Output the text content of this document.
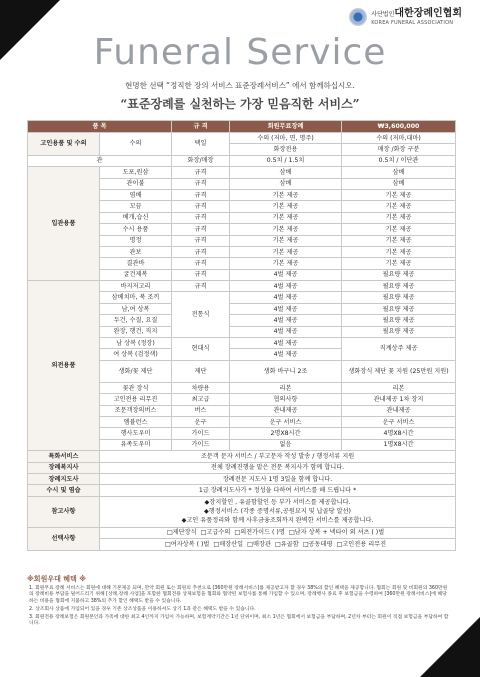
사단법인대한장례인협회
KOREA FUNERAL ASSOCIATION
Funeral Service
현명한 선택 “정직한 장의 서비스 표준장례서비스” 에서 함께하십시오.
“표준장례를 실천하는 가장 믿음직한 서비스”
품 목		규 격	회원무료장례	₩3,600,000
고인용품 및 수의	수의	택일	수의 (저마, 면, 명주)	수의 (저마,대마)
			화장전용	매장 /화장 구분
관		화장/매장	0.5치 / 1.5치	0.5치 / 이단관
입관용품	도포,원삼	규격	삼베	삼베
	관이불	규격	삼베	삼베
	염베	규격	기본 제공	기본 제공
	꼬끔	규격	기본 제공	기본 제공
	베개,습신	규격	기본 제공	기본 제공
	수시 용품	규격	기본 제공	기본 제공
	명정	규격	기본 제공	기본 제공
	관보	규격	기본 제공	기본 제공
	결관바	규격	기본 제공	기본 제공
	굴건제복	규격	4벌 제공	필요량 제공
외전용품	바지저고리	규격	4벌 제공	필요량 제공
	삼베치마, 북 조끼	전통식	4벌 제공	필요량 제공
	남,여 상복		4벌 제공	필요량 제공
	두건, 수질, 요질		4벌 제공	필요량 제공
	완장, 행건, 직지		4벌 제공	필요량 제공
	남 상복 (정장)	현대식	4벌 제공	직계상주 제공
	여 상복 (검정색)		4벌 제공	
	생화/꽃 제단	제단	생화 바구니 2조	생화장식 제단 꽃 지원 (25만원 지원)
	꽃관 장식	차량용	리본	리본
	고인전용 리무진	최고급	협의사항	관내제공 1차 장지
	조문객장의버스	버스	관내제공	관내제공
	엠뷸런스	운구	운구 서비스	운구 서비스
	행사도우미	가이드	2명X8시간	4명X8시간
	유족도우미	가이드	없음	1명X8시간
특화서비스	조문객 문자 서비스 / 부고문자 작성 발송 / 행정서류 지원			
장례복지사	전체 장례진행을 맡은 전문 복지사가 함께 합니다.			
장례지도사	장례전문 지도사 1명 3일을 함께 합니다.			
수시 및 염습	1급 장례지도사가 * 정성을 다하여 서비스를 해 드립니다 *			
참고사항	◆장지할인 , 유골함할인 등 부가 서비스를 제공합니다.
◆행정서비스 (각종 증명서류,공원묘지 및 납골당 알선)
◆고인 유품정리와 함께 사후금융조회까지 완벽한 서비스를 제공합니다.			

선택사항	□제단장식 □고급수의 □의전가이드 ( )명 □남자 상복 + 넥타이 외 셔츠 ( )벌			
	□여자상복 ( )벌 □매장산일 □매장관 □유골함 □공동데평 □고인전용 리무진			
※회원우대 혜택 ※

1. 회원무료 장례 서비스는 회원에 대해 기본제공 되며, 만약 회원 또는 회원의 추천으로 [360만원 장례서비스]를 제공받고자 할 경우 38%의 할인 혜택을 제공합니다. 협회는 회원 및 비회원의 360만원의 장례비용 부담을 덜어드리기 위해 [상례,장례 사업]을 포함한 협회전용 상제보험을 협회와 협약된 보험사를 통해 가입할 수 있으며, 장례행사 종료 후 보험금을 수령하여 [360만원 장례서비스]에 해당하는 비용을 협회에 지불하고 38%의 추가 할인 혜택도 받을 수 있습니다.

2. 상조회사 상품에 가입되어 있을 경우 기존 상조상품을 이용하셔도 상기 1과 같은 혜택도 받을 수 있습니다.

3. 회원전용 장례보험은 회원본인과 가족에 대한 최고 4인까지 가입이 가능하며, 보험계약기간은 1년 단위이며, 최소 1년은 협회에서 보험금을 부담하며, 2년차 부터는 회원이 직접 보험금을 부담하여 합니다.
